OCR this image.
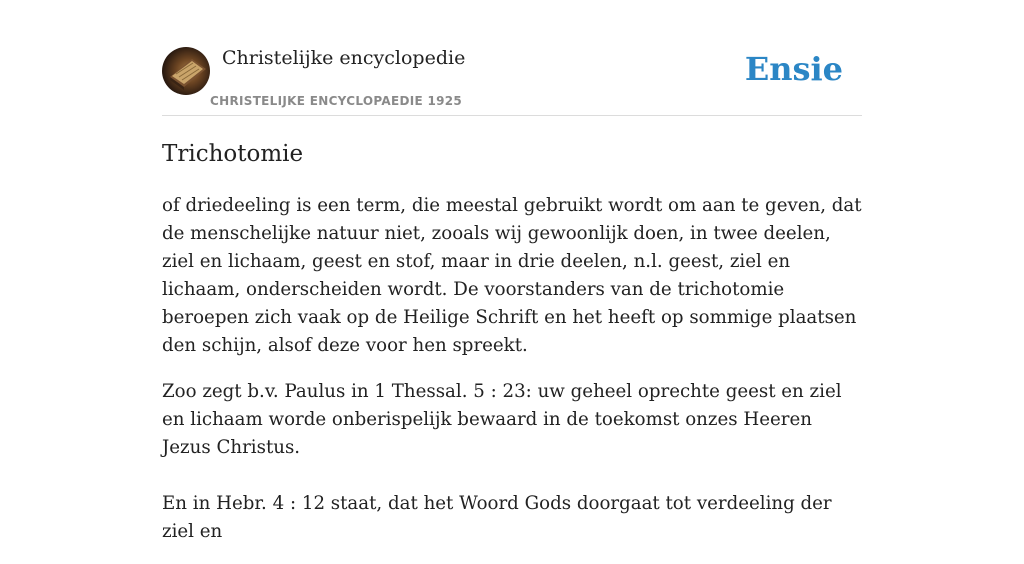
Christelijke encyclopedie
CHRISTELIJKE ENCYCLOPAEDIE 1925
Ensie
Trichotomie

of driedeeling is een term, die meestal gebruikt wordt om aan te geven, dat de menschelijke natuur niet, zooals wij gewoonlijk doen, in twee deelen, ziel en lichaam, geest en stof, maar in drie deelen, n.l. geest, ziel en lichaam, onderscheiden wordt. De voorstanders van de trichotomie beroepen zich vaak op de Heilige Schrift en het heeft op sommige plaatsen den schijn, alsof deze voor hen spreekt.

Zoo zegt b.v. Paulus in 1 Thessal. 5 : 23: uw geheel oprechte geest en ziel en lichaam worde onberispelijk bewaard in de toekomst onzes Heeren Jezus Christus.

En in Hebr. 4 : 12 staat, dat het Woord Gods doorgaat tot verdeeling der ziel en
